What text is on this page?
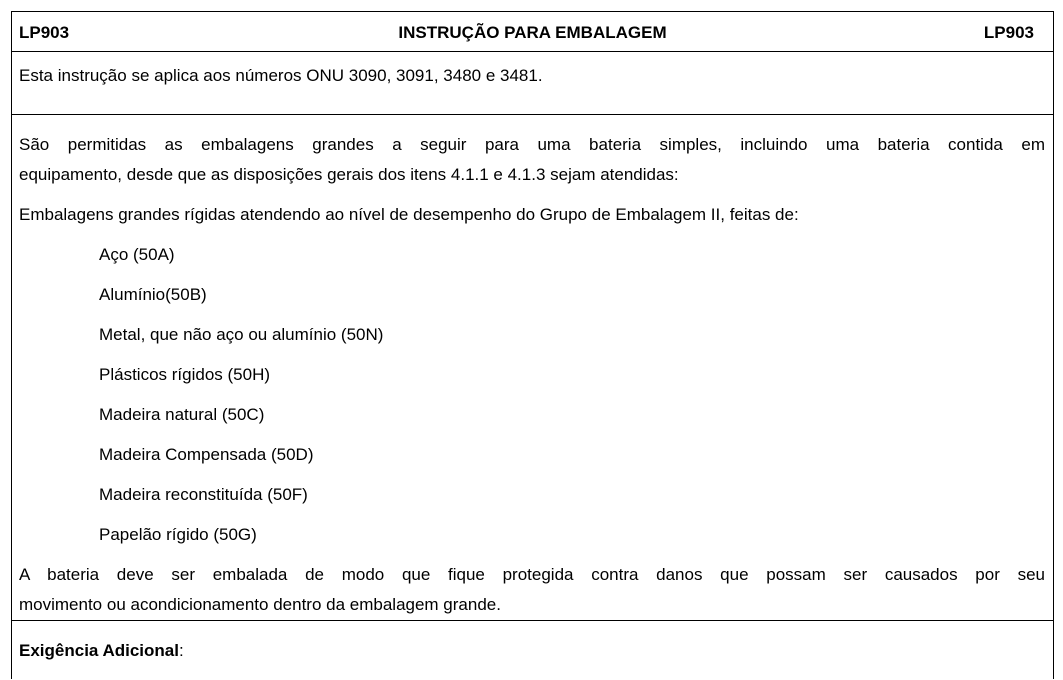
LP903	INSTRUÇÃO PARA EMBALAGEM	LP903
Esta instrução se aplica aos números ONU 3090, 3091, 3480 e 3481.
São permitidas as embalagens grandes a seguir para uma bateria simples, incluindo uma bateria contida em
equipamento, desde que as disposições gerais dos itens 4.1.1 e 4.1.3 sejam atendidas:
Embalagens grandes rígidas atendendo ao nível de desempenho do Grupo de Embalagem II, feitas de:
Aço (50A)
Alumínio(50B)
Metal, que não aço ou alumínio (50N)
Plásticos rígidos (50H)
Madeira natural (50C)
Madeira Compensada (50D)
Madeira reconstituída (50F)
Papelão rígido (50G)
A bateria deve ser embalada de modo que fique protegida contra danos que possam ser causados por seu
movimento ou acondicionamento dentro da embalagem grande.
Exigência Adicional:
